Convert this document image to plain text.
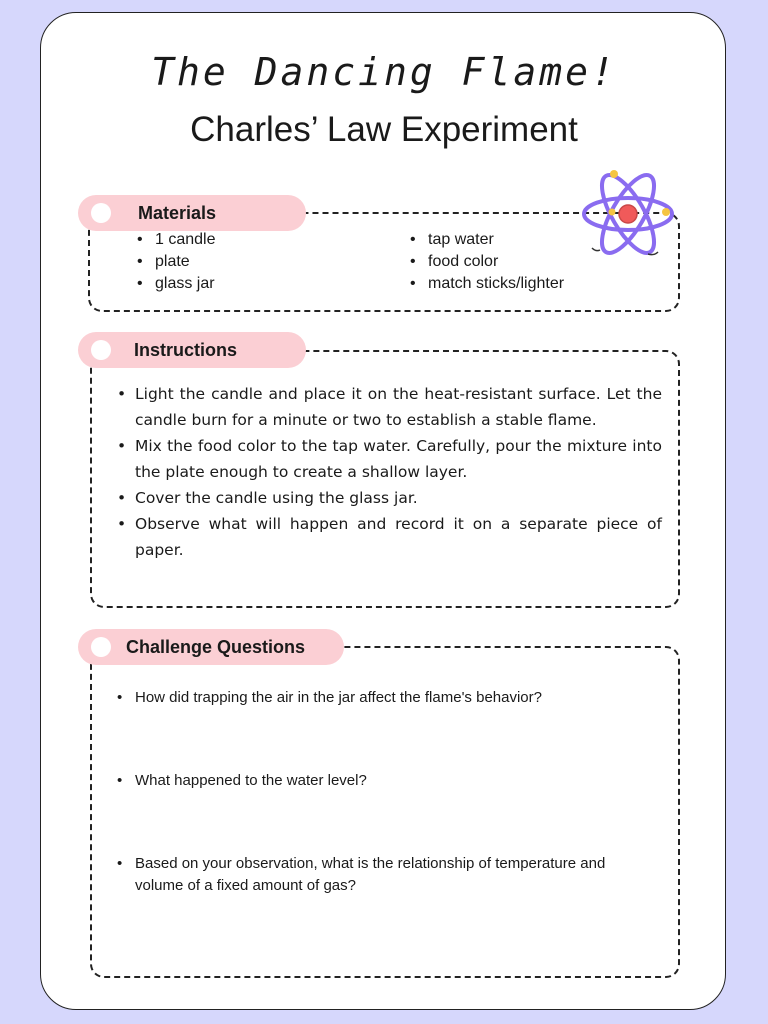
The Dancing Flame!
Charles’ Law Experiment
Materials
• 1 candle
• plate
• glass jar
• tap water
• food color
• match sticks/lighter
Instructions
• Light the candle and place it on the heat-resistant surface. Let the candle burn for a minute or two to establish a stable flame.
• Mix the food color to the tap water. Carefully, pour the mixture into the plate enough to create a shallow layer.
• Cover the candle using the glass jar.
• Observe what will happen and record it on a separate piece of paper.
Challenge Questions
• How did trapping the air in the jar affect the flame's behavior?
• What happened to the water level?
• Based on your observation, what is the relationship of temperature and volume of a fixed amount of gas?
